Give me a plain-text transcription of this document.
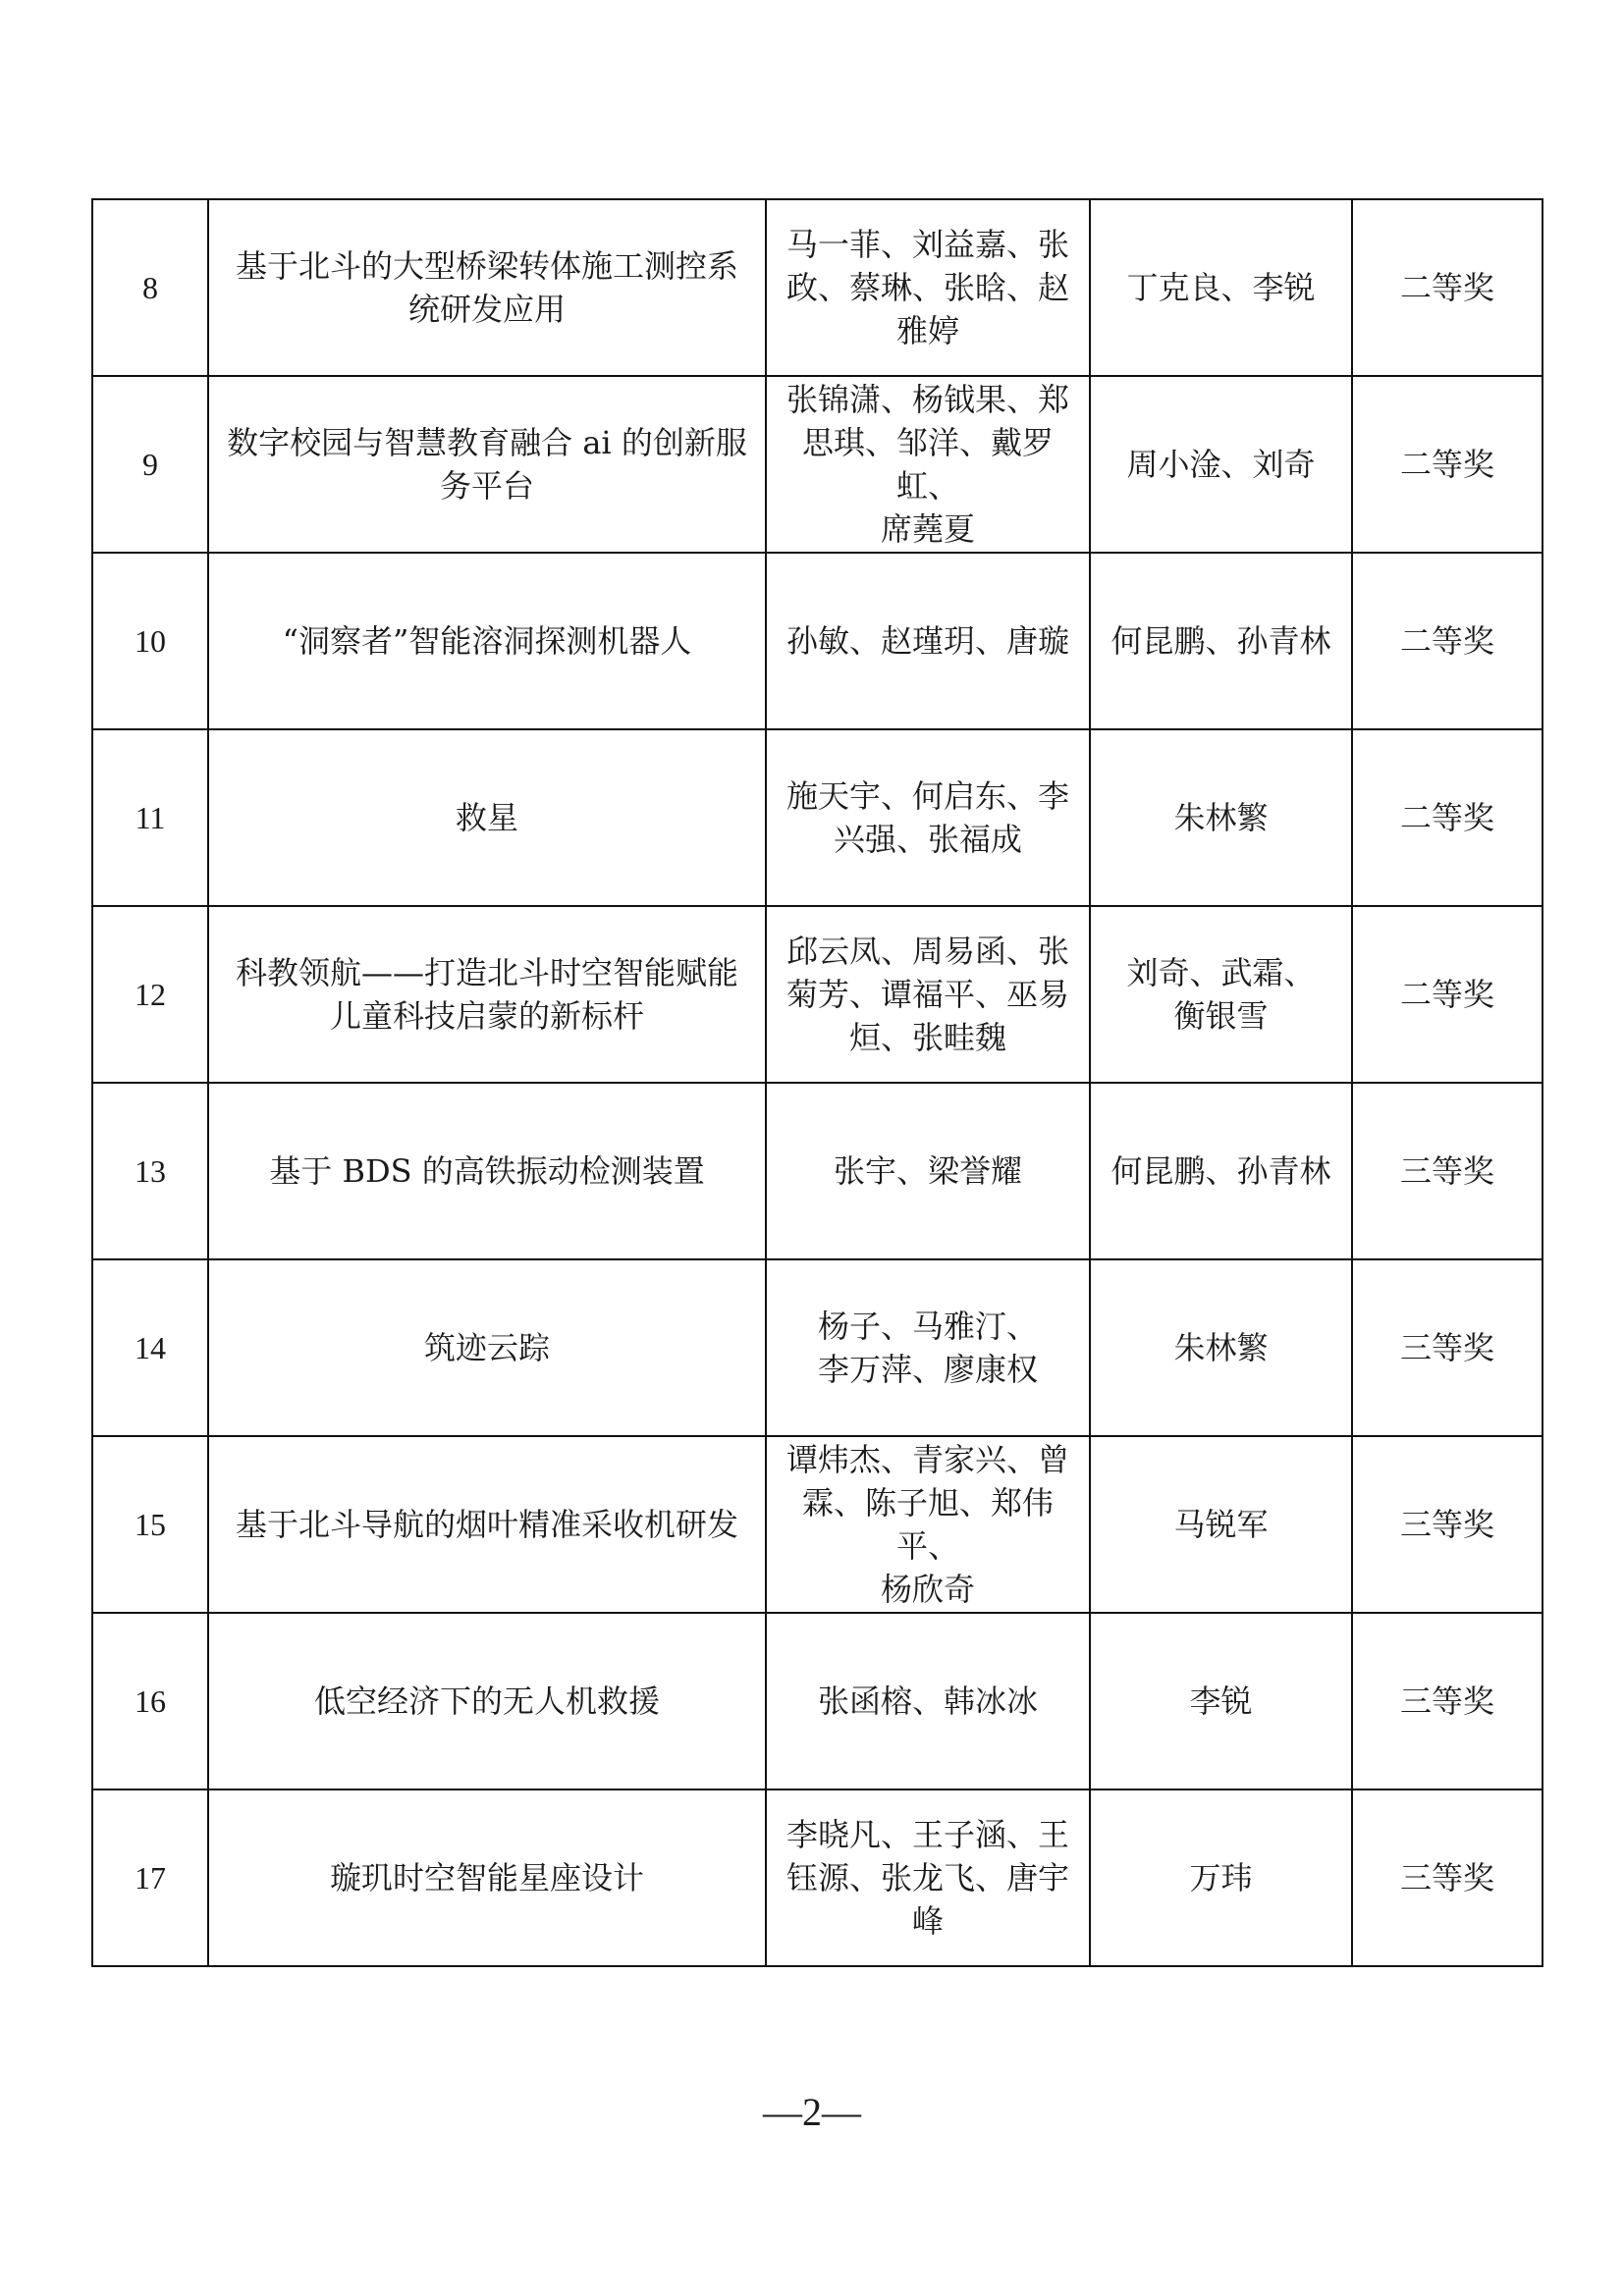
8	基于北斗的大型桥梁转体施工测控系
统研发应用	马一菲、刘益嘉、张
政、蔡琳、张晗、赵
雅婷	丁克良、李锐	二等奖
9	数字校园与智慧教育融合 ai 的创新服
务平台	张锦潇、杨钺果、郑
思琪、邹洋、戴罗虹、
席蕘夏	周小淦、刘奇	二等奖
10	“洞察者”智能溶洞探测机器人	孙敏、赵瑾玥、唐璇	何昆鹏、孙青林	二等奖
11	救星	施天宇、何启东、李
兴强、张福成	朱林繁	二等奖
12	科教领航——打造北斗时空智能赋能
儿童科技启蒙的新标杆	邱云凤、周易函、张
菊芳、谭福平、巫易
烜、张畦魏	刘奇、武霜、
衡银雪	二等奖
13	基于 BDS 的高铁振动检测装置	张宇、梁誉耀	何昆鹏、孙青林	三等奖
14	筑迹云踪	杨子、马雅汀、
李万萍、廖康权	朱林繁	三等奖
15	基于北斗导航的烟叶精准采收机研发	谭炜杰、青家兴、曾
霖、陈子旭、郑伟平、
杨欣奇	马锐军	三等奖
16	低空经济下的无人机救援	张函榕、韩冰冰	李锐	三等奖
17	璇玑时空智能星座设计	李晓凡、王子涵、王
钰源、张龙飞、唐宇
峰	万玮	三等奖
—2—
